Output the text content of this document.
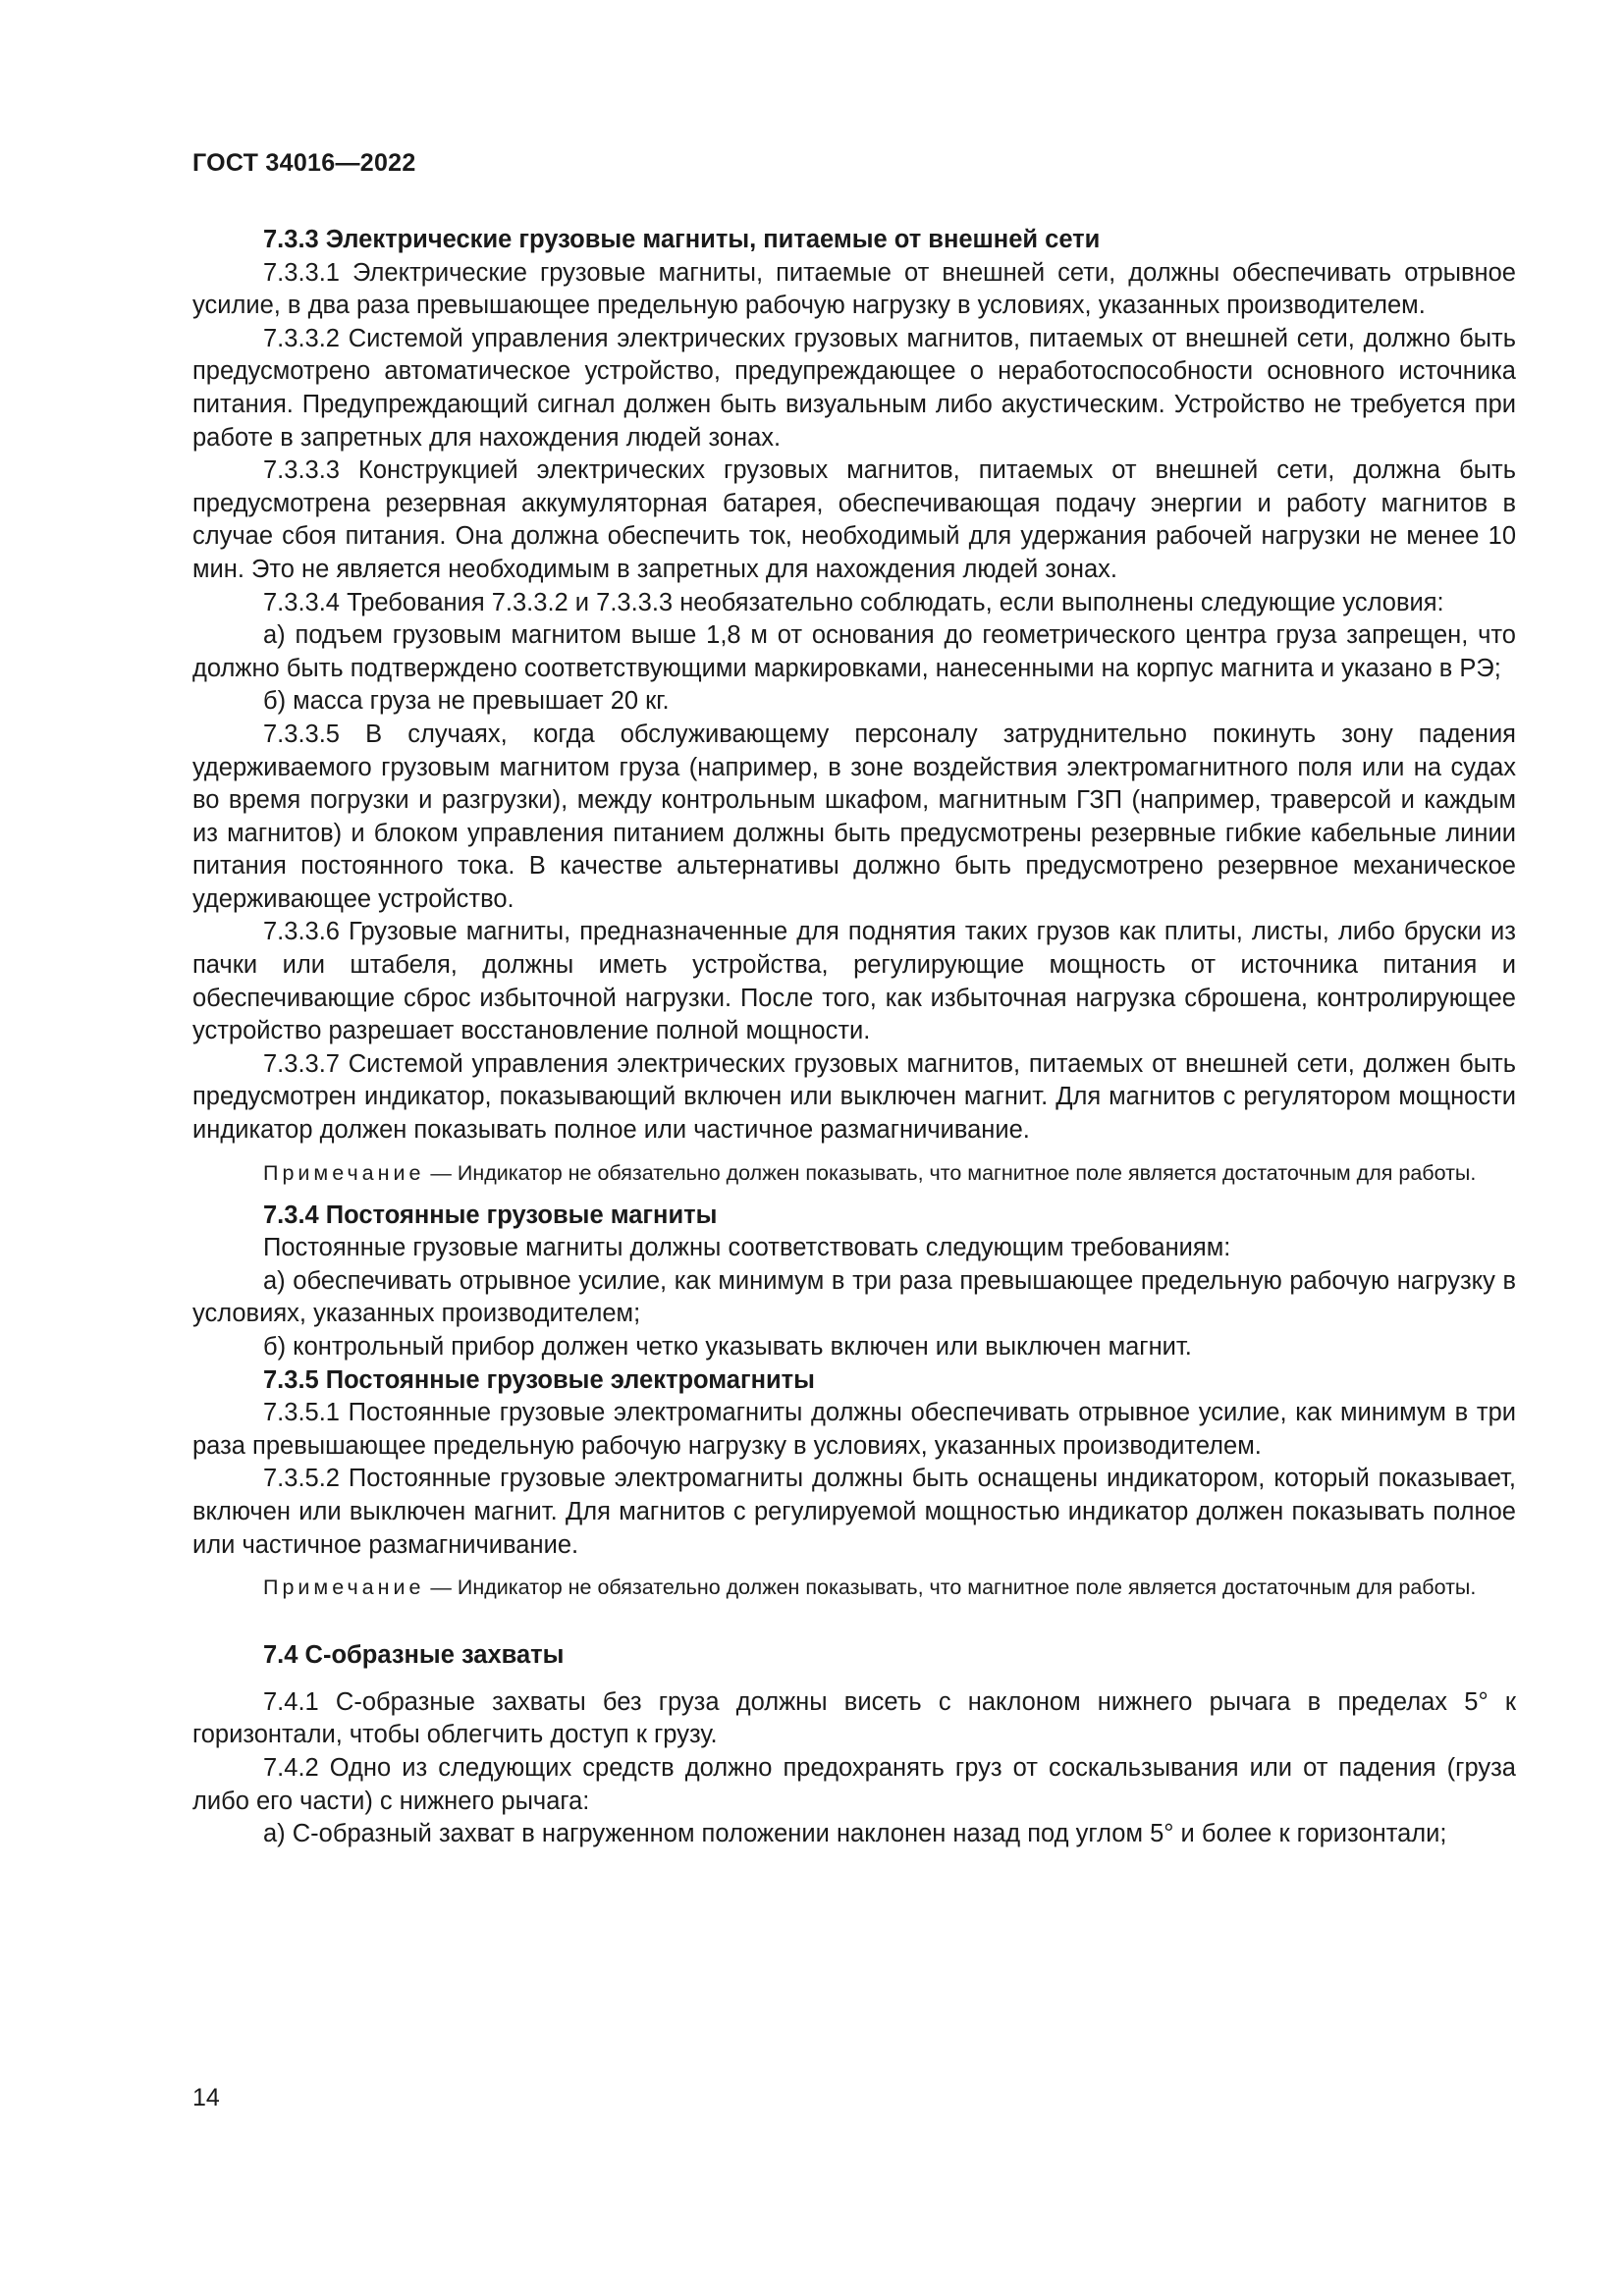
ГОСТ 34016—2022

7.3.3 Электрические грузовые магниты, питаемые от внешней сети

7.3.3.1 Электрические грузовые магниты, питаемые от внешней сети, должны обеспечивать отрывное усилие, в два раза превышающее предельную рабочую нагрузку в условиях, указанных производителем.

7.3.3.2 Системой управления электрических грузовых магнитов, питаемых от внешней сети, должно быть предусмотрено автоматическое устройство, предупреждающее о неработоспособности основного источника питания. Предупреждающий сигнал должен быть визуальным либо акустическим. Устройство не требуется при работе в запретных для нахождения людей зонах.

7.3.3.3 Конструкцией электрических грузовых магнитов, питаемых от внешней сети, должна быть предусмотрена резервная аккумуляторная батарея, обеспечивающая подачу энергии и работу магнитов в случае сбоя питания. Она должна обеспечить ток, необходимый для удержания рабочей нагрузки не менее 10 мин. Это не является необходимым в запретных для нахождения людей зонах.

7.3.3.4 Требования 7.3.3.2 и 7.3.3.3 необязательно соблюдать, если выполнены следующие условия:

а) подъем грузовым магнитом выше 1,8 м от основания до геометрического центра груза запрещен, что должно быть подтверждено соответствующими маркировками, нанесенными на корпус магнита и указано в РЭ;

б) масса груза не превышает 20 кг.

7.3.3.5 В случаях, когда обслуживающему персоналу затруднительно покинуть зону падения удерживаемого грузовым магнитом груза (например, в зоне воздействия электромагнитного поля или на судах во время погрузки и разгрузки), между контрольным шкафом, магнитным ГЗП (например, траверсой и каждым из магнитов) и блоком управления питанием должны быть предусмотрены резервные гибкие кабельные линии питания постоянного тока. В качестве альтернативы должно быть предусмотрено резервное механическое удерживающее устройство.

7.3.3.6 Грузовые магниты, предназначенные для поднятия таких грузов как плиты, листы, либо бруски из пачки или штабеля, должны иметь устройства, регулирующие мощность от источника питания и обеспечивающие сброс избыточной нагрузки. После того, как избыточная нагрузка сброшена, контролирующее устройство разрешает восстановление полной мощности.

7.3.3.7 Системой управления электрических грузовых магнитов, питаемых от внешней сети, должен быть предусмотрен индикатор, показывающий включен или выключен магнит. Для магнитов с регулятором мощности индикатор должен показывать полное или частичное размагничивание.

Примечание — Индикатор не обязательно должен показывать, что магнитное поле является достаточным для работы.

7.3.4 Постоянные грузовые магниты

Постоянные грузовые магниты должны соответствовать следующим требованиям:

а) обеспечивать отрывное усилие, как минимум в три раза превышающее предельную рабочую нагрузку в условиях, указанных производителем;

б) контрольный прибор должен четко указывать включен или выключен магнит.

7.3.5 Постоянные грузовые электромагниты

7.3.5.1 Постоянные грузовые электромагниты должны обеспечивать отрывное усилие, как минимум в три раза превышающее предельную рабочую нагрузку в условиях, указанных производителем.

7.3.5.2 Постоянные грузовые электромагниты должны быть оснащены индикатором, который показывает, включен или выключен магнит. Для магнитов с регулируемой мощностью индикатор должен показывать полное или частичное размагничивание.

Примечание — Индикатор не обязательно должен показывать, что магнитное поле является достаточным для работы.

7.4 С-образные захваты

7.4.1 С-образные захваты без груза должны висеть с наклоном нижнего рычага в пределах 5° к горизонтали, чтобы облегчить доступ к грузу.

7.4.2 Одно из следующих средств должно предохранять груз от соскальзывания или от падения (груза либо его части) с нижнего рычага:

а) С-образный захват в нагруженном положении наклонен назад под углом 5° и более к горизонтали;

14
